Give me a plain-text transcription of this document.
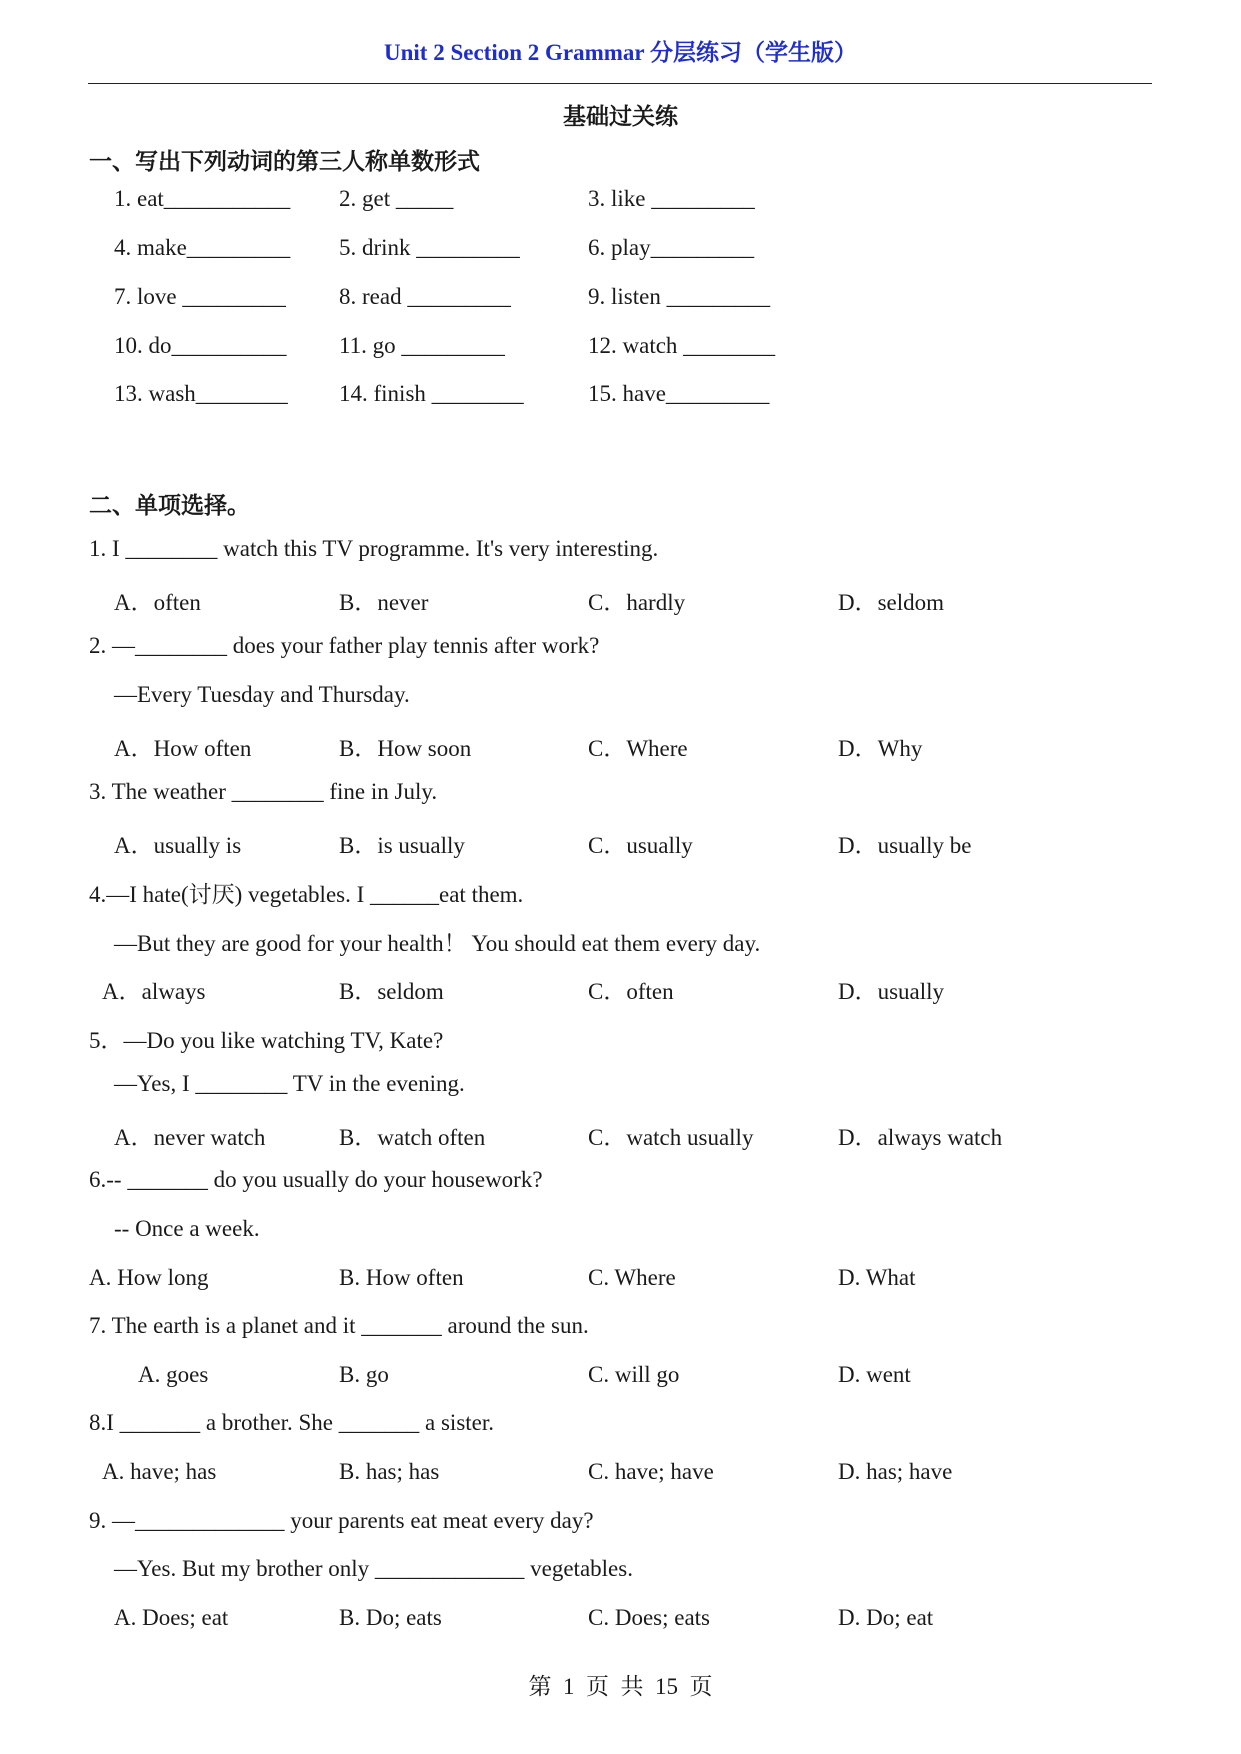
Unit 2 Section 2 Grammar 分层练习（学生版）
基础过关练
一、写出下列动词的第三人称单数形式
1. eat___________ 2. get _____	3. like _________
4. make_________ 5. drink _________	6. play_________
7. love _________ 8. read _________	9. listen _________
10. do__________ 11. go _________	12. watch ________
13. wash________ 14. finish ________	15. have_________
二、单项选择。
1. I ________ watch this TV programme. It's very interesting.
A．often	B．never	C．hardly	D．seldom
2. —________ does your father play tennis after work?
—Every Tuesday and Thursday.
A．How often	B．How soon	C．Where	D．Why
3. The weather ________ fine in July.
A．usually is	B．is usually	C．usually	D．usually be
4.—I hate(讨厌) vegetables. I ______eat them.
—But they are good for your health！ You should eat them every day.
A．always	B．seldom	C．often	D．usually
5．—Do you like watching TV, Kate?
—Yes, I ________ TV in the evening.
A．never watch	B．watch often	C．watch usually	D．always watch
6.-- _______ do you usually do your housework?
-- Once a week.
A. How long	B. How often	C. Where	D. What
7. The earth is a planet and it _______ around the sun.
A. goes	B. go	C. will go	D. went
8.I _______ a brother. She _______ a sister.
A. have; has	B. has; has	C. have; have	D. has; have
9. —_____________ your parents eat meat every day?
—Yes. But my brother only _____________ vegetables.
A. Does; eat	B. Do; eats	C. Does; eats	D. Do; eat
第  1  页  共  15  页
